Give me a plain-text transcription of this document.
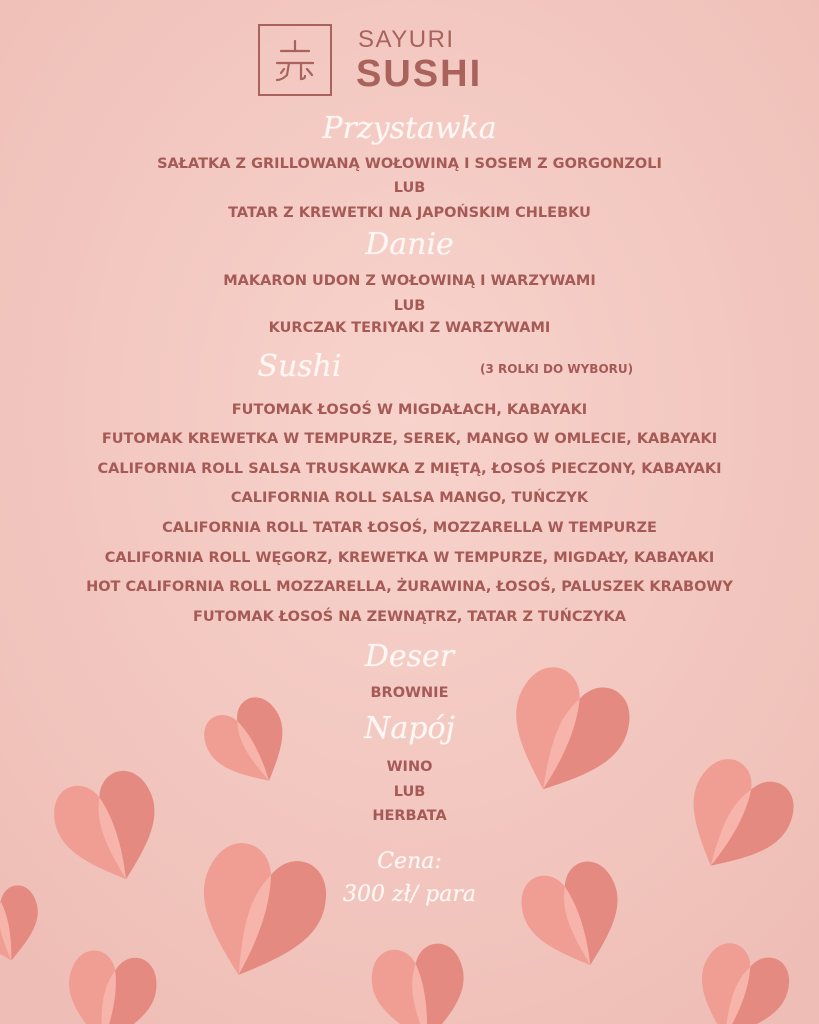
SAYURI
SUSHI
Przystawka
SAŁATKA Z GRILLOWANĄ WOŁOWINĄ I SOSEM Z GORGONZOLI
LUB
TATAR Z KREWETKI NA JAPOŃSKIM CHLEBKU
Danie
MAKARON UDON Z WOŁOWINĄ I WARZYWAMI
LUB
KURCZAK TERIYAKI Z WARZYWAMI
Sushi	(3 ROLKI DO WYBORU)
FUTOMAK ŁOSOŚ W MIGDAŁACH, KABAYAKI
FUTOMAK KREWETKA W TEMPURZE, SEREK, MANGO W OMLECIE, KABAYAKI
CALIFORNIA ROLL SALSA TRUSKAWKA Z MIĘTĄ, ŁOSOŚ PIECZONY, KABAYAKI
CALIFORNIA ROLL SALSA MANGO, TUŃCZYK
CALIFORNIA ROLL TATAR ŁOSOŚ, MOZZARELLA W TEMPURZE
CALIFORNIA ROLL WĘGORZ, KREWETKA W TEMPURZE, MIGDAŁY, KABAYAKI
HOT CALIFORNIA ROLL MOZZARELLA, ŻURAWINA, ŁOSOŚ, PALUSZEK KRABOWY
FUTOMAK ŁOSOŚ NA ZEWNĄTRZ, TATAR Z TUŃCZYKA
Deser
BROWNIE
Napój
WINO
LUB
HERBATA
Cena:
300 zł/ para
